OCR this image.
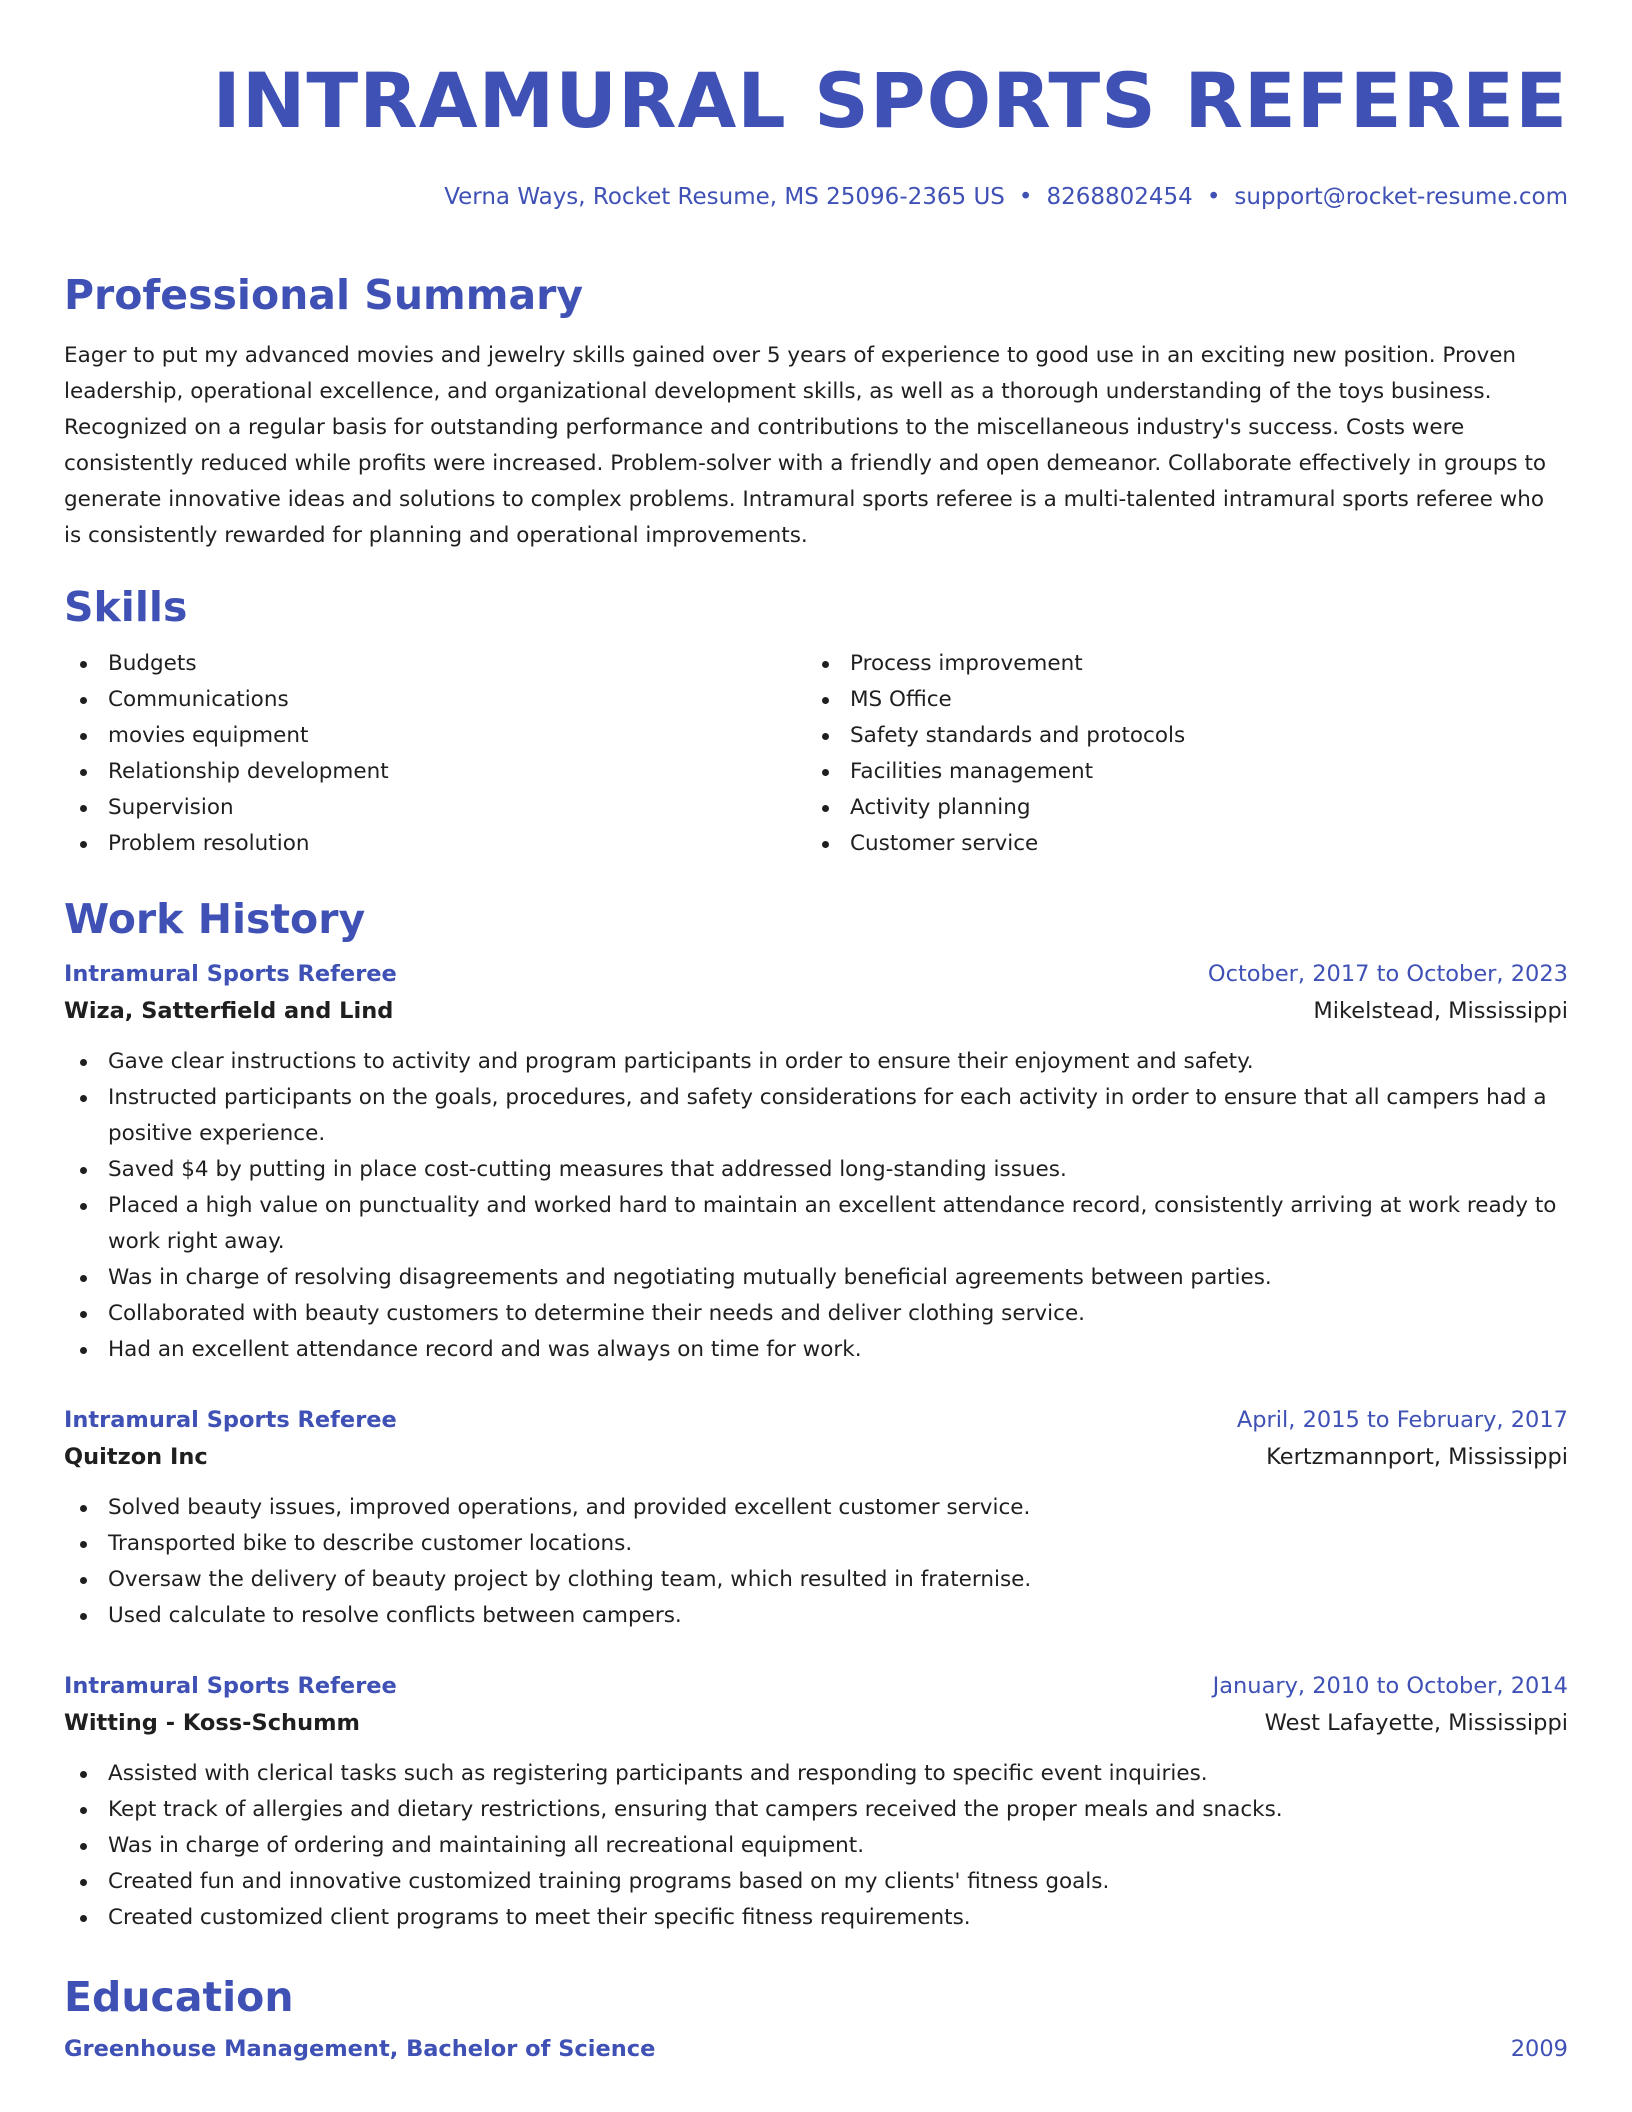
INTRAMURAL SPORTS REFEREE
Verna Ways, Rocket Resume, MS 25096-2365 US • 8268802454 • support@rocket-resume.com
Professional Summary

Eager to put my advanced movies and jewelry skills gained over 5 years of experience to good use in an exciting new position. Proven leadership, operational excellence, and organizational development skills, as well as a thorough understanding of the toys business. Recognized on a regular basis for outstanding performance and contributions to the miscellaneous industry's success. Costs were consistently reduced while profits were increased. Problem-solver with a friendly and open demeanor. Collaborate effectively in groups to generate innovative ideas and solutions to complex problems. Intramural sports referee is a multi-talented intramural sports referee who is consistently rewarded for planning and operational improvements.

Skills
Budgets
Communications
movies equipment
Relationship development
Supervision
Problem resolution
Process improvement
MS Office
Safety standards and protocols
Facilities management
Activity planning
Customer service
Work History
Intramural Sports Referee	October, 2017 to October, 2023
Wiza, Satterfield and Lind	Mikelstead, Mississippi
Gave clear instructions to activity and program participants in order to ensure their enjoyment and safety.
Instructed participants on the goals, procedures, and safety considerations for each activity in order to ensure that all campers had a positive experience.
Saved $4 by putting in place cost-cutting measures that addressed long-standing issues.
Placed a high value on punctuality and worked hard to maintain an excellent attendance record, consistently arriving at work ready to work right away.
Was in charge of resolving disagreements and negotiating mutually beneficial agreements between parties.
Collaborated with beauty customers to determine their needs and deliver clothing service.
Had an excellent attendance record and was always on time for work.
Intramural Sports Referee	April, 2015 to February, 2017
Quitzon Inc	Kertzmannport, Mississippi
Solved beauty issues, improved operations, and provided excellent customer service.
Transported bike to describe customer locations.
Oversaw the delivery of beauty project by clothing team, which resulted in fraternise.
Used calculate to resolve conflicts between campers.
Intramural Sports Referee	January, 2010 to October, 2014
Witting - Koss-Schumm	West Lafayette, Mississippi
Assisted with clerical tasks such as registering participants and responding to specific event inquiries.
Kept track of allergies and dietary restrictions, ensuring that campers received the proper meals and snacks.
Was in charge of ordering and maintaining all recreational equipment.
Created fun and innovative customized training programs based on my clients' fitness goals.
Created customized client programs to meet their specific fitness requirements.
Education
Greenhouse Management, Bachelor of Science	2009
